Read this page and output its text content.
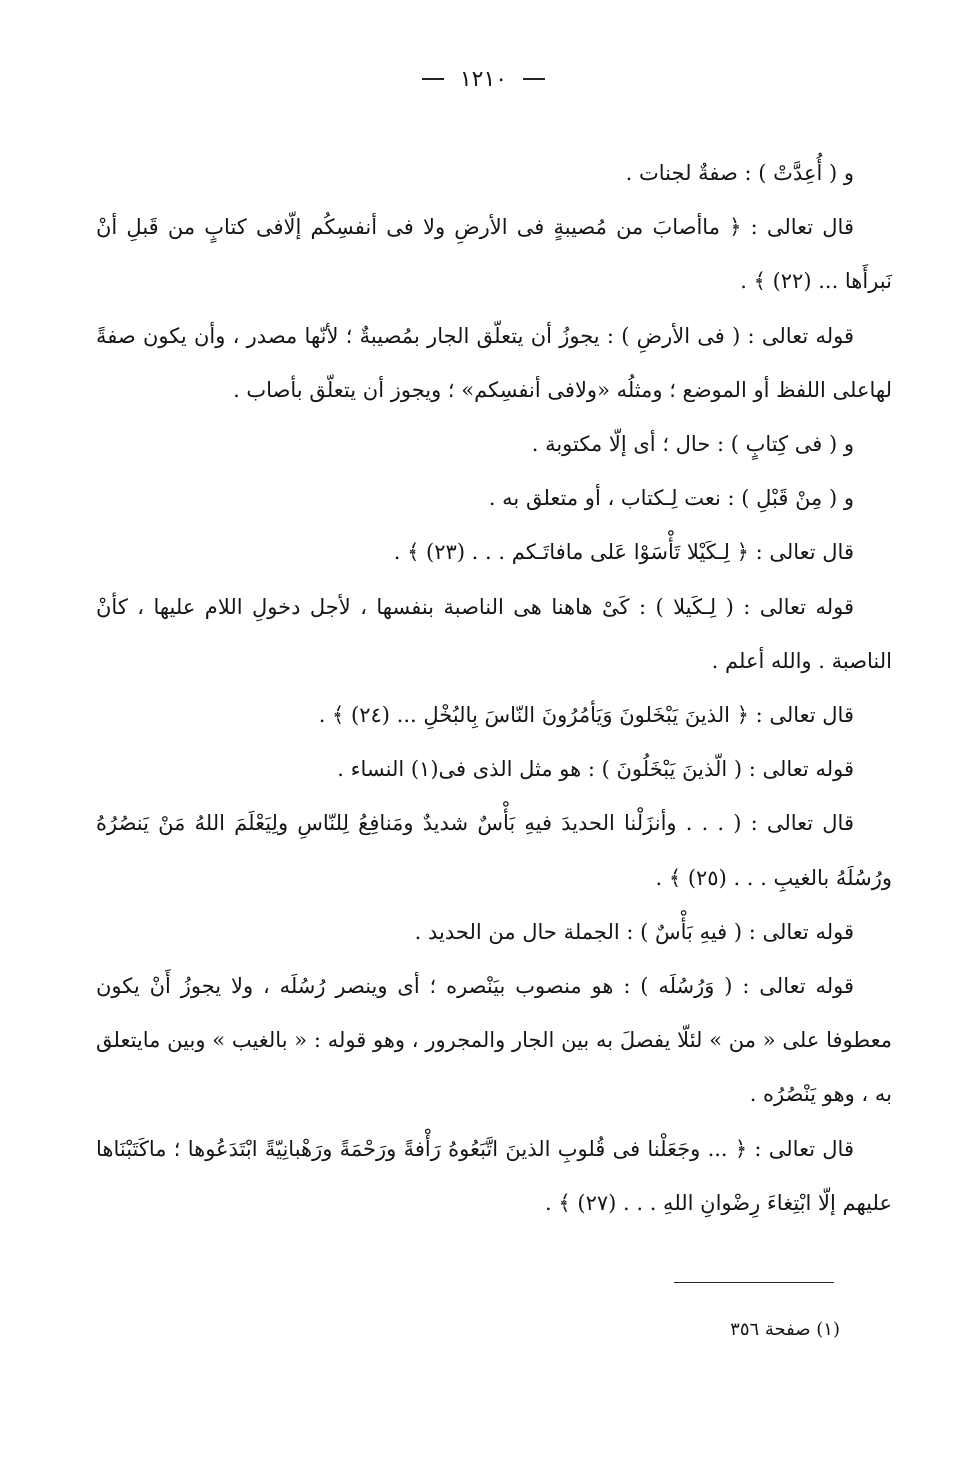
١٢١٠

و ( أُعِدَّتْ ) : صفةٌ لجنات .

قال تعالى : ﴿ ماأصابَ من مُصيبةٍ فى الأرضِ ولا فى أنفسِكُم إلّافى كتابٍ من قَبلِ أنْ نَبرأَها ... (٢٢) ﴾ .

قوله تعالى : ( فى الأرضِ ) : يجوزُ أن يتعلّق الجار بمُصيبةٌ ؛ لأنّها مصدر ، وأن يكون صفةً لهاعلى اللفظ أو الموضع ؛ ومثلُه «ولافى أنفسِكم» ؛ ويجوز أن يتعلّق بأصاب .

و ( فى كِتابٍ ) : حال ؛ أى إلّا مكتوبة .

و ( مِنْ قَبْلِ ) : نعت لِـكتاب ، أو متعلق به .

قال تعالى : ﴿ لِـكَيْلا تَأْسَوْا عَلى مافاتَـكم . . . (٢٣) ﴾ .

قوله تعالى : ( لِـكَيلا ) : كَىْ هاهنا هى الناصبة بنفسها ، لأجل دخولِ اللام عليها ، كأنْ الناصبة . والله أعلم .

قال تعالى : ﴿ الذينَ يَبْخَلونَ وَيَأمُرُونَ النّاسَ بِالبُخْلِ ... (٢٤) ﴾ .

قوله تعالى : ( الّذينَ يَبْخَلُونَ ) : هو مثل الذى فى(١) النساء .

قال تعالى : ( . . . وأنزَلْنا الحديدَ فيهِ بَأْسٌ شديدٌ ومَنافِعُ لِلنّاسِ ولِيَعْلَمَ اللهُ مَنْ يَنصُرُهُ ورُسُلَهُ بالغيبِ . . . (٢٥) ﴾ .

قوله تعالى : ( فيهِ بَأْسٌ ) : الجملة حال من الحديد .

قوله تعالى : ( وَرُسُلَه ) : هو منصوب بيَنْصره ؛ أى وينصر رُسُلَه ، ولا يجوزُ أَنْ يكون معطوفا على « من » لئلّا يفصلَ به بين الجار والمجرور ، وهو قوله : « بالغيب » وبين مايتعلق به ، وهو يَنْصُرُه .

قال تعالى : ﴿ ... وجَعَلْنا فى قُلوبِ الذينَ اتَّبَعُوهُ رَأْفةً ورَحْمَةً ورَهْبانِيّةً ابْتَدَعُوها ؛ ماكَتَبْنَاها عليهم إلّا ابْتِغاءَ رِضْوانِ اللهِ . . . (٢٧) ﴾ .

(١) صفحة ٣٥٦
